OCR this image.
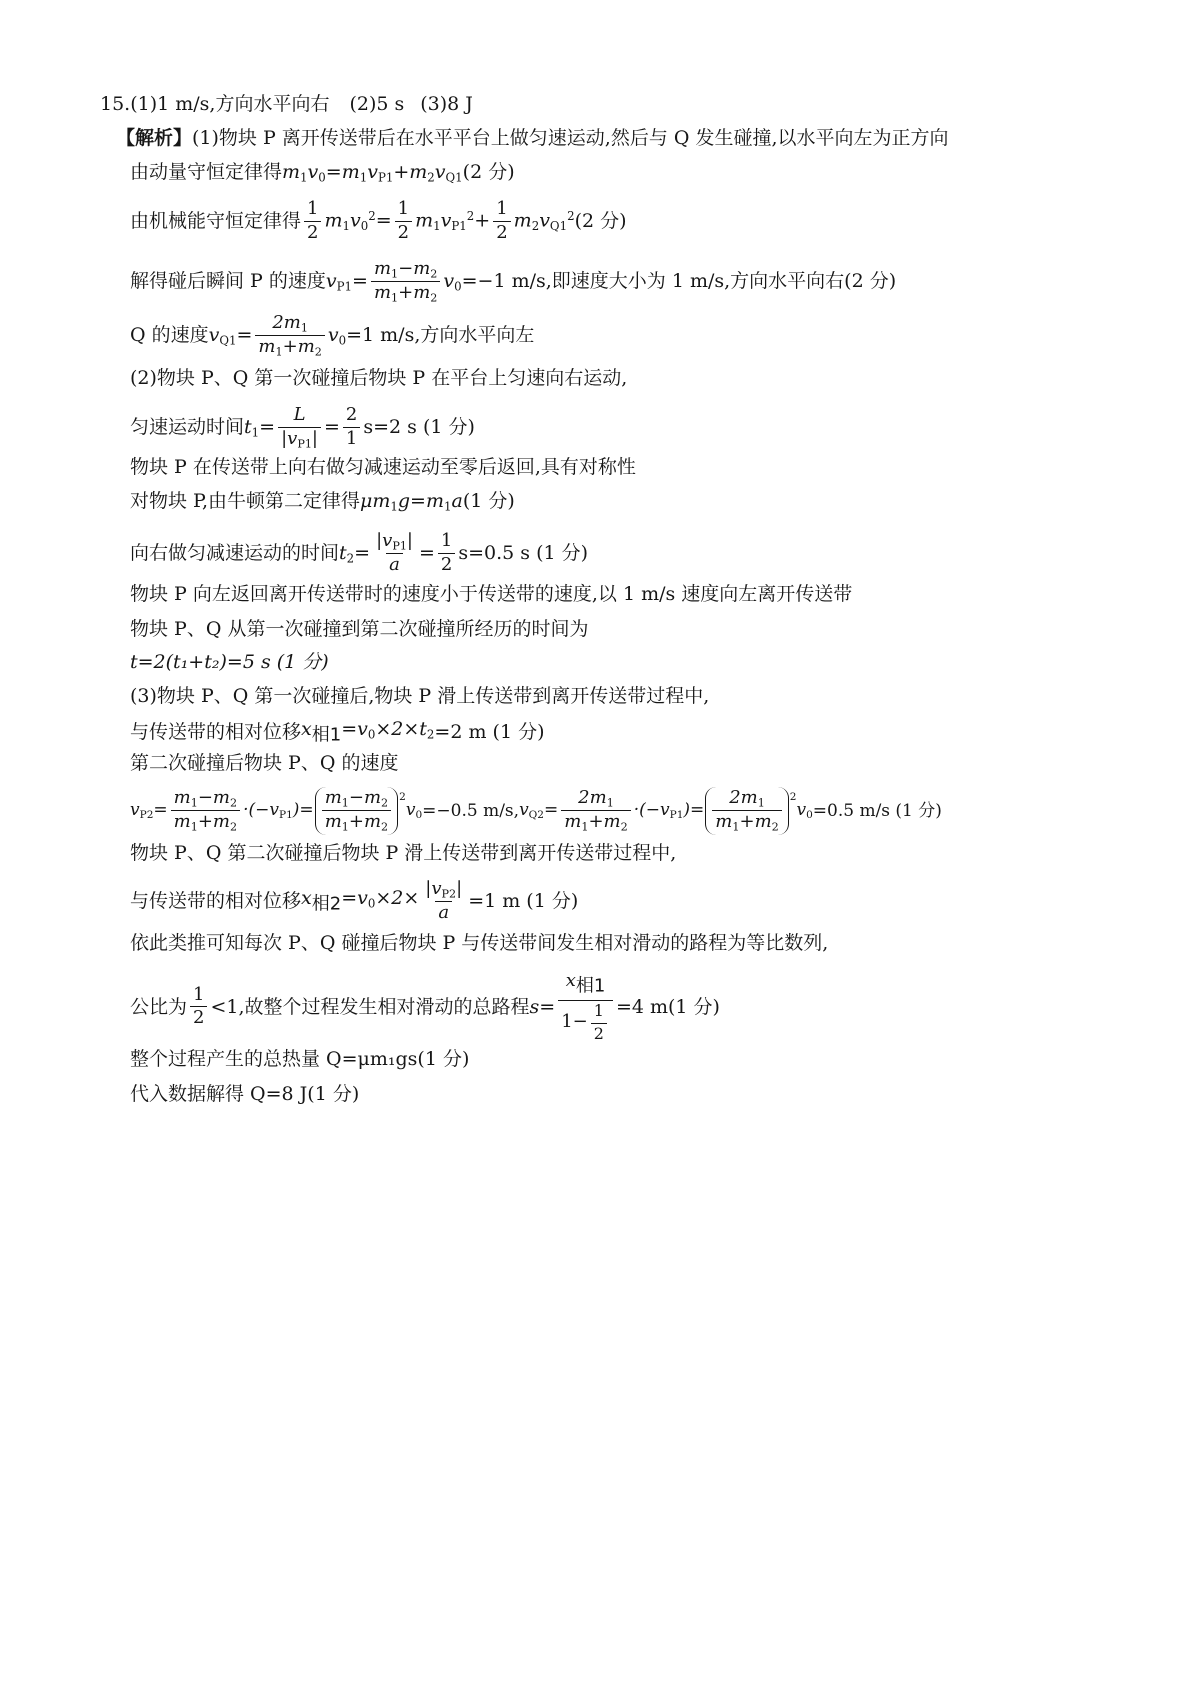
15. (1)1 m/s,方向水平向右 (2)5 s (3)8 J
【解析】 (1)物块 P 离开传送带后在水平平台上做匀速运动,然后与 Q 发生碰撞,以水平向左为正方向
由动量守恒定律得 $m_1v_0=m_1v_{P1}+m_2v_{Q1}$ (2 分)
由机械能守恒定律得 $\frac{1}{2} m_1v_0^2= \frac{1}{2} m_1v_{P1}^2+ \frac{1}{2} m_2v_{Q1}^2$ (2 分)
解得碰后瞬间 P 的速度 $v_{P1}= \frac{m_1-m_2}{m_1+m_2} v_0 =-1$ m/s,即速度大小为 1 m/s,方向水平向右(2 分)
Q 的速度 $v_{Q1}= \frac{2m_1}{m_1+m_2} v_0 =1$ m/s,方向水平向左
(2)物块 P、Q 第一次碰撞后物块 P 在平台上匀速向右运动,
匀速运动时间 $t_1= \frac{L}{|v_{P1}|} = \frac{2}{1} s=2$ s (1 分)
物块 P 在传送带上向右做匀减速运动至零后返回,具有对称性
对物块 P,由牛顿第二定律得 $\mu m_1g=m_1a$ (1 分)
向右做匀减速运动的时间 $t_2= \frac{|v_{P1}|}{a} = \frac{1}{2} s=0.5$ s (1 分)
物块 P 向左返回离开传送带时的速度小于传送带的速度,以 1 m/s 速度向左离开传送带
物块 P、Q 从第一次碰撞到第二次碰撞所经历的时间为
t=2(t₁+t₂)=5 s (1 分)
(3)物块 P、Q 第一次碰撞后,物块 P 滑上传送带到离开传送带过程中,
与传送带的相对位移 $x_{相1}=v_0\times 2\times t_2 =2$ m (1 分)
第二次碰撞后物块 P、Q 的速度
$v_{P2}= \frac{m_1-m_2}{m_1+m_2} \cdot(-v_{P1})= \frac{m_1-m_2}{m_1+m_2} ^2$
$v_0 =-0.5$ m/s, $v_{Q2}= \frac{2m_1}{m_1+m_2} \cdot(-v_{P1})= \frac{2m_1}{m_1+m_2} ^2$
$v_0 =0.5$ m/s (1 分)
物块 P、Q 第二次碰撞后物块 P 滑上传送带到离开传送带过程中,
与传送带的相对位移 $x_{相2}=v_0\times 2\times \frac{|v_{P2}|}{a} =1$ m (1 分)
依此类推可知每次 P、Q 碰撞后物块 P 与传送带间发生相对滑动的路程为等比数列,
公比为 $\frac{1}{2} <1$,故整个过程发生相对滑动的总路程 $s= \frac{x_{相1}}{1- \frac{1}{2}} =4$ m(1 分)
整个过程产生的总热量 Q=μm₁gs(1 分)
代入数据解得 Q=8 J(1 分)
